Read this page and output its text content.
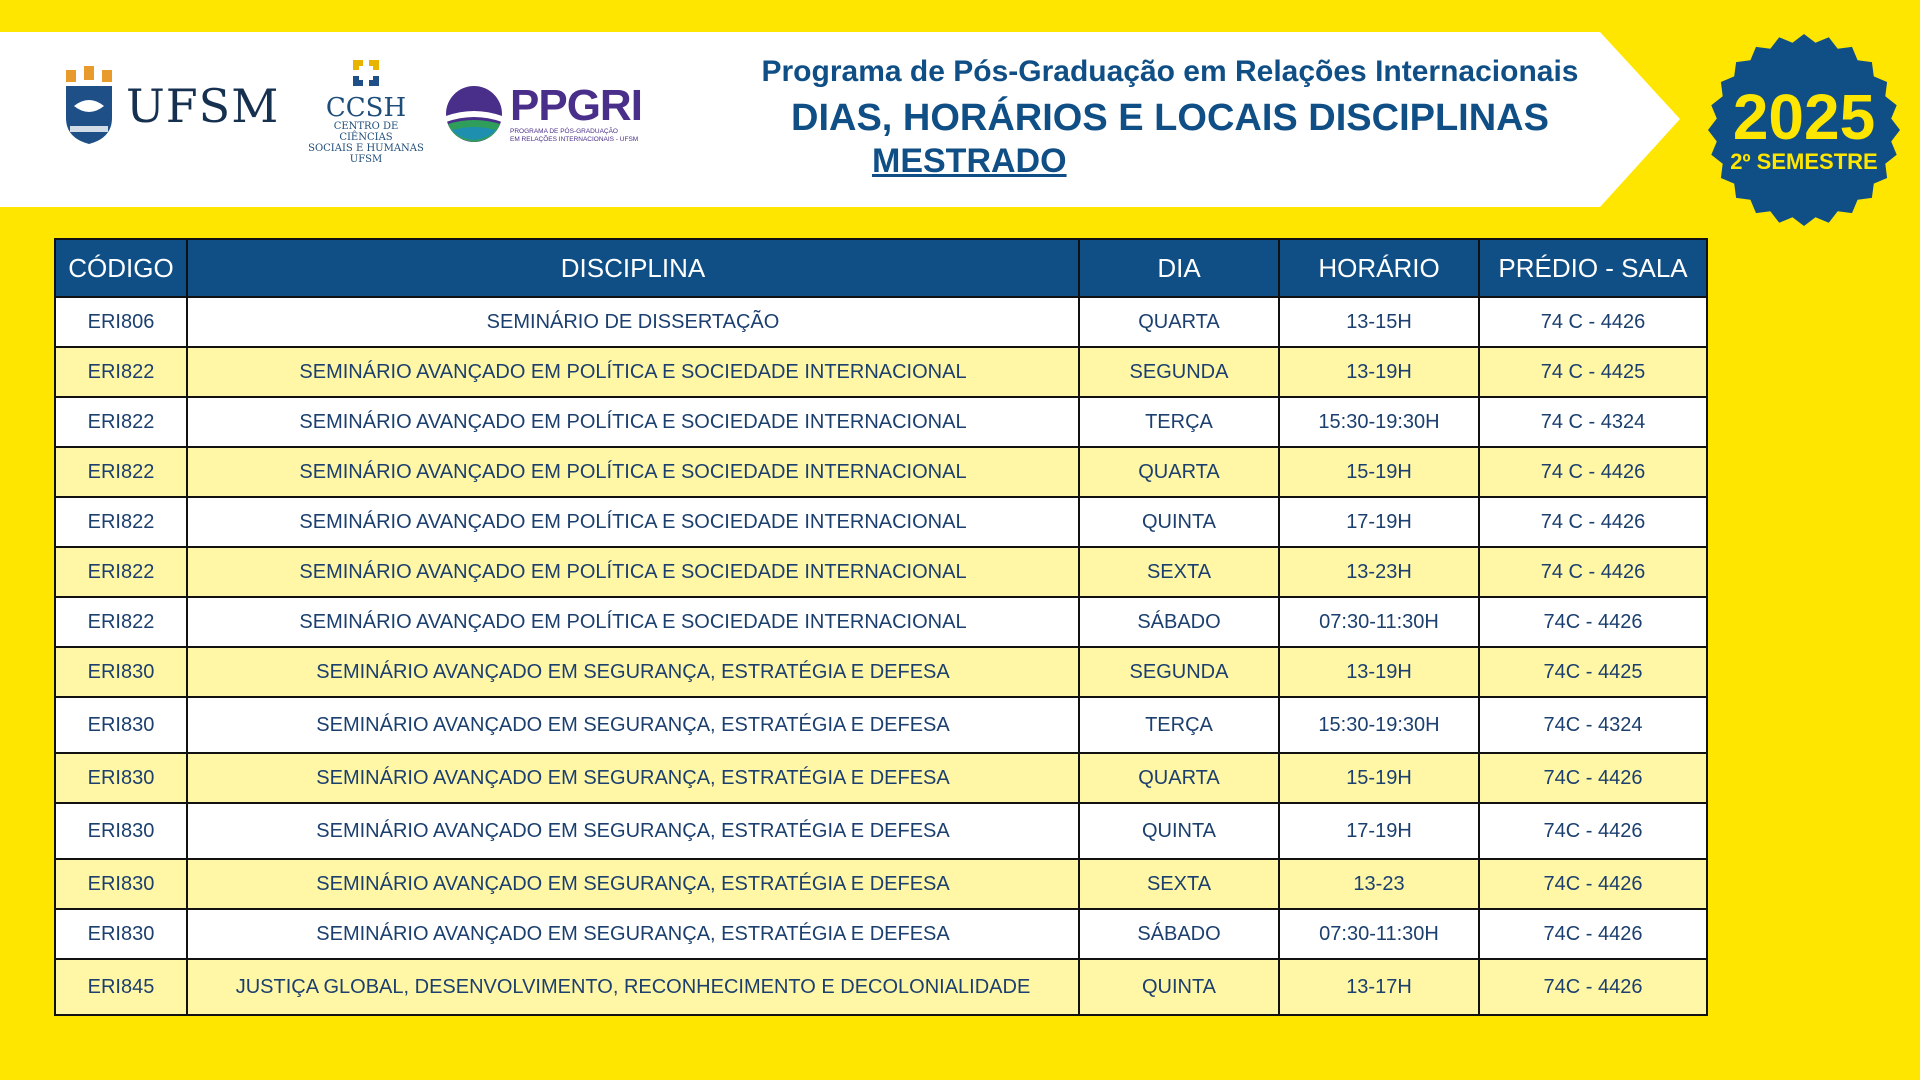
UFSM	CCSH
CENTRO DE CIÊNCIAS
SOCIAIS E HUMANAS
UFSM
PPGRI
PROGRAMA DE PÓS-GRADUAÇÃO
EM RELAÇÕES INTERNACIONAIS - UFSM
Programa de Pós-Graduação em Relações Internacionais
DIAS, HORÁRIOS E LOCAIS DISCIPLINAS
MESTRADO
2025
2º SEMESTRE
CÓDIGO	DISCIPLINA	DIA	HORÁRIO	PRÉDIO - SALA
ERI806	SEMINÁRIO DE DISSERTAÇÃO	QUARTA	13-15H	74 C - 4426
ERI822	SEMINÁRIO AVANÇADO EM POLÍTICA E SOCIEDADE INTERNACIONAL	SEGUNDA	13-19H	74 C - 4425
ERI822	SEMINÁRIO AVANÇADO EM POLÍTICA E SOCIEDADE INTERNACIONAL	TERÇA	15:30-19:30H	74 C - 4324
ERI822	SEMINÁRIO AVANÇADO EM POLÍTICA E SOCIEDADE INTERNACIONAL	QUARTA	15-19H	74 C - 4426
ERI822	SEMINÁRIO AVANÇADO EM POLÍTICA E SOCIEDADE INTERNACIONAL	QUINTA	17-19H	74 C - 4426
ERI822	SEMINÁRIO AVANÇADO EM POLÍTICA E SOCIEDADE INTERNACIONAL	SEXTA	13-23H	74 C - 4426
ERI822	SEMINÁRIO AVANÇADO EM POLÍTICA E SOCIEDADE INTERNACIONAL	SÁBADO	07:30-11:30H	74C - 4426
ERI830	SEMINÁRIO AVANÇADO EM SEGURANÇA, ESTRATÉGIA E DEFESA	SEGUNDA	13-19H	74C - 4425
ERI830	SEMINÁRIO AVANÇADO EM SEGURANÇA, ESTRATÉGIA E DEFESA	TERÇA	15:30-19:30H	74C - 4324
ERI830	SEMINÁRIO AVANÇADO EM SEGURANÇA, ESTRATÉGIA E DEFESA	QUARTA	15-19H	74C - 4426
ERI830	SEMINÁRIO AVANÇADO EM SEGURANÇA, ESTRATÉGIA E DEFESA	QUINTA	17-19H	74C - 4426
ERI830	SEMINÁRIO AVANÇADO EM SEGURANÇA, ESTRATÉGIA E DEFESA	SEXTA	13-23	74C - 4426
ERI830	SEMINÁRIO AVANÇADO EM SEGURANÇA, ESTRATÉGIA E DEFESA	SÁBADO	07:30-11:30H	74C - 4426
ERI845	JUSTIÇA GLOBAL, DESENVOLVIMENTO, RECONHECIMENTO E DECOLONIALIDADE	QUINTA	13-17H	74C - 4426
